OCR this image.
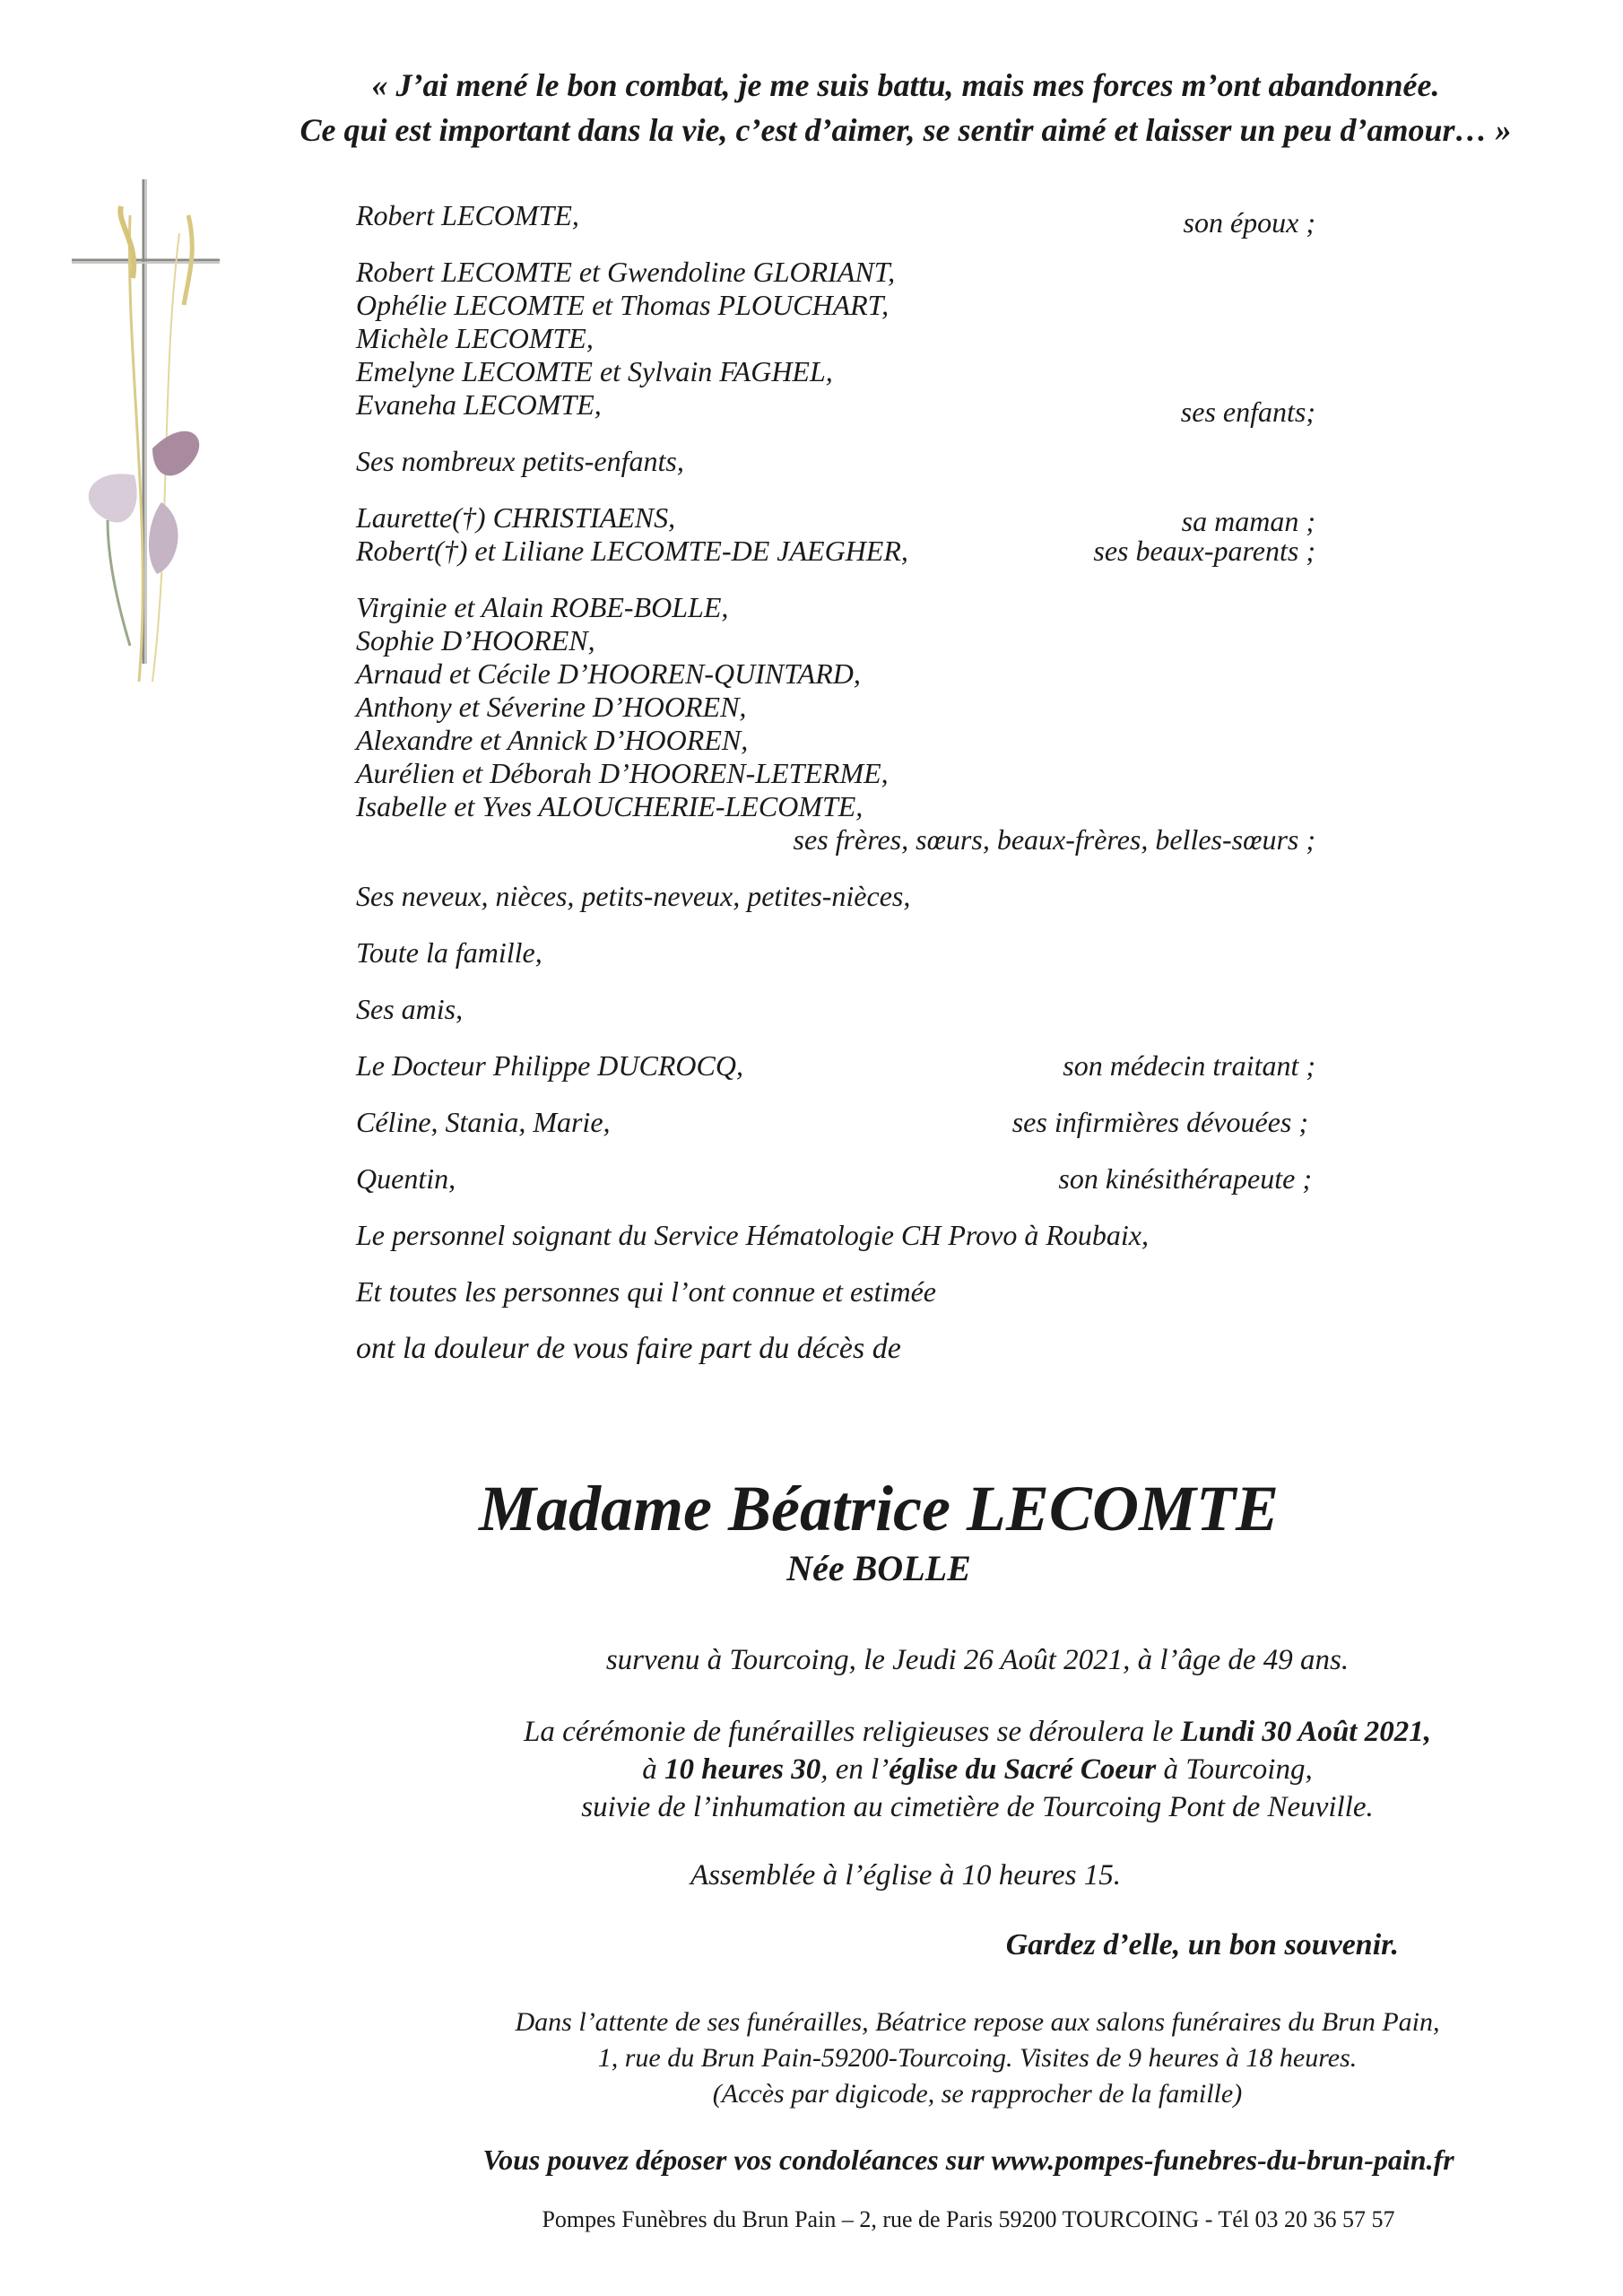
« J’ai mené le bon combat, je me suis battu, mais mes forces m’ont abandonnée.
Ce qui est important dans la vie, c’est d’aimer, se sentir aimé et laisser un peu d’amour… »
Robert LECOMTE,	son époux ;
Robert LECOMTE et Gwendoline GLORIANT,
Ophélie LECOMTE et Thomas PLOUCHART,
Michèle LECOMTE,
Emelyne LECOMTE et Sylvain FAGHEL,
Evaneha LECOMTE,	ses enfants;
Ses nombreux petits-enfants,
Laurette(†) CHRISTIAENS,	sa maman ;
Robert(†) et Liliane LECOMTE-DE JAEGHER,	ses beaux-parents ;
Virginie et Alain ROBE-BOLLE,
Sophie D’HOOREN,
Arnaud et Cécile D’HOOREN-QUINTARD,
Anthony et Séverine D’HOOREN,
Alexandre et Annick D’HOOREN,
Aurélien et Déborah D’HOOREN-LETERME,
Isabelle et Yves ALOUCHERIE-LECOMTE,
ses frères, sœurs, beaux-frères, belles-sœurs ;
Ses neveux, nièces, petits-neveux, petites-nièces,
Toute la famille,
Ses amis,
Le Docteur Philippe DUCROCQ,	son médecin traitant ;
Céline, Stania, Marie,	ses infirmières dévouées ;
Quentin,	son kinésithérapeute ;
Le personnel soignant du Service Hématologie CH Provo à Roubaix,
Et toutes les personnes qui l’ont connue et estimée
ont la douleur de vous faire part du décès de
Madame Béatrice LECOMTE
Née BOLLE
survenu à Tourcoing, le Jeudi 26 Août 2021, à l’âge de 49 ans.
La cérémonie de funérailles religieuses se déroulera le Lundi 30 Août 2021,
à 10 heures 30, en l’église du Sacré Coeur à Tourcoing,
suivie de l’inhumation au cimetière de Tourcoing Pont de Neuville.
Assemblée à l’église à 10 heures 15.
Gardez d’elle, un bon souvenir.
Dans l’attente de ses funérailles, Béatrice repose aux salons funéraires du Brun Pain,
1, rue du Brun Pain-59200-Tourcoing. Visites de 9 heures à 18 heures.
(Accès par digicode, se rapprocher de la famille)
Vous pouvez déposer vos condoléances sur www.pompes-funebres-du-brun-pain.fr
Pompes Funèbres du Brun Pain – 2, rue de Paris 59200 TOURCOING - Tél 03 20 36 57 57
